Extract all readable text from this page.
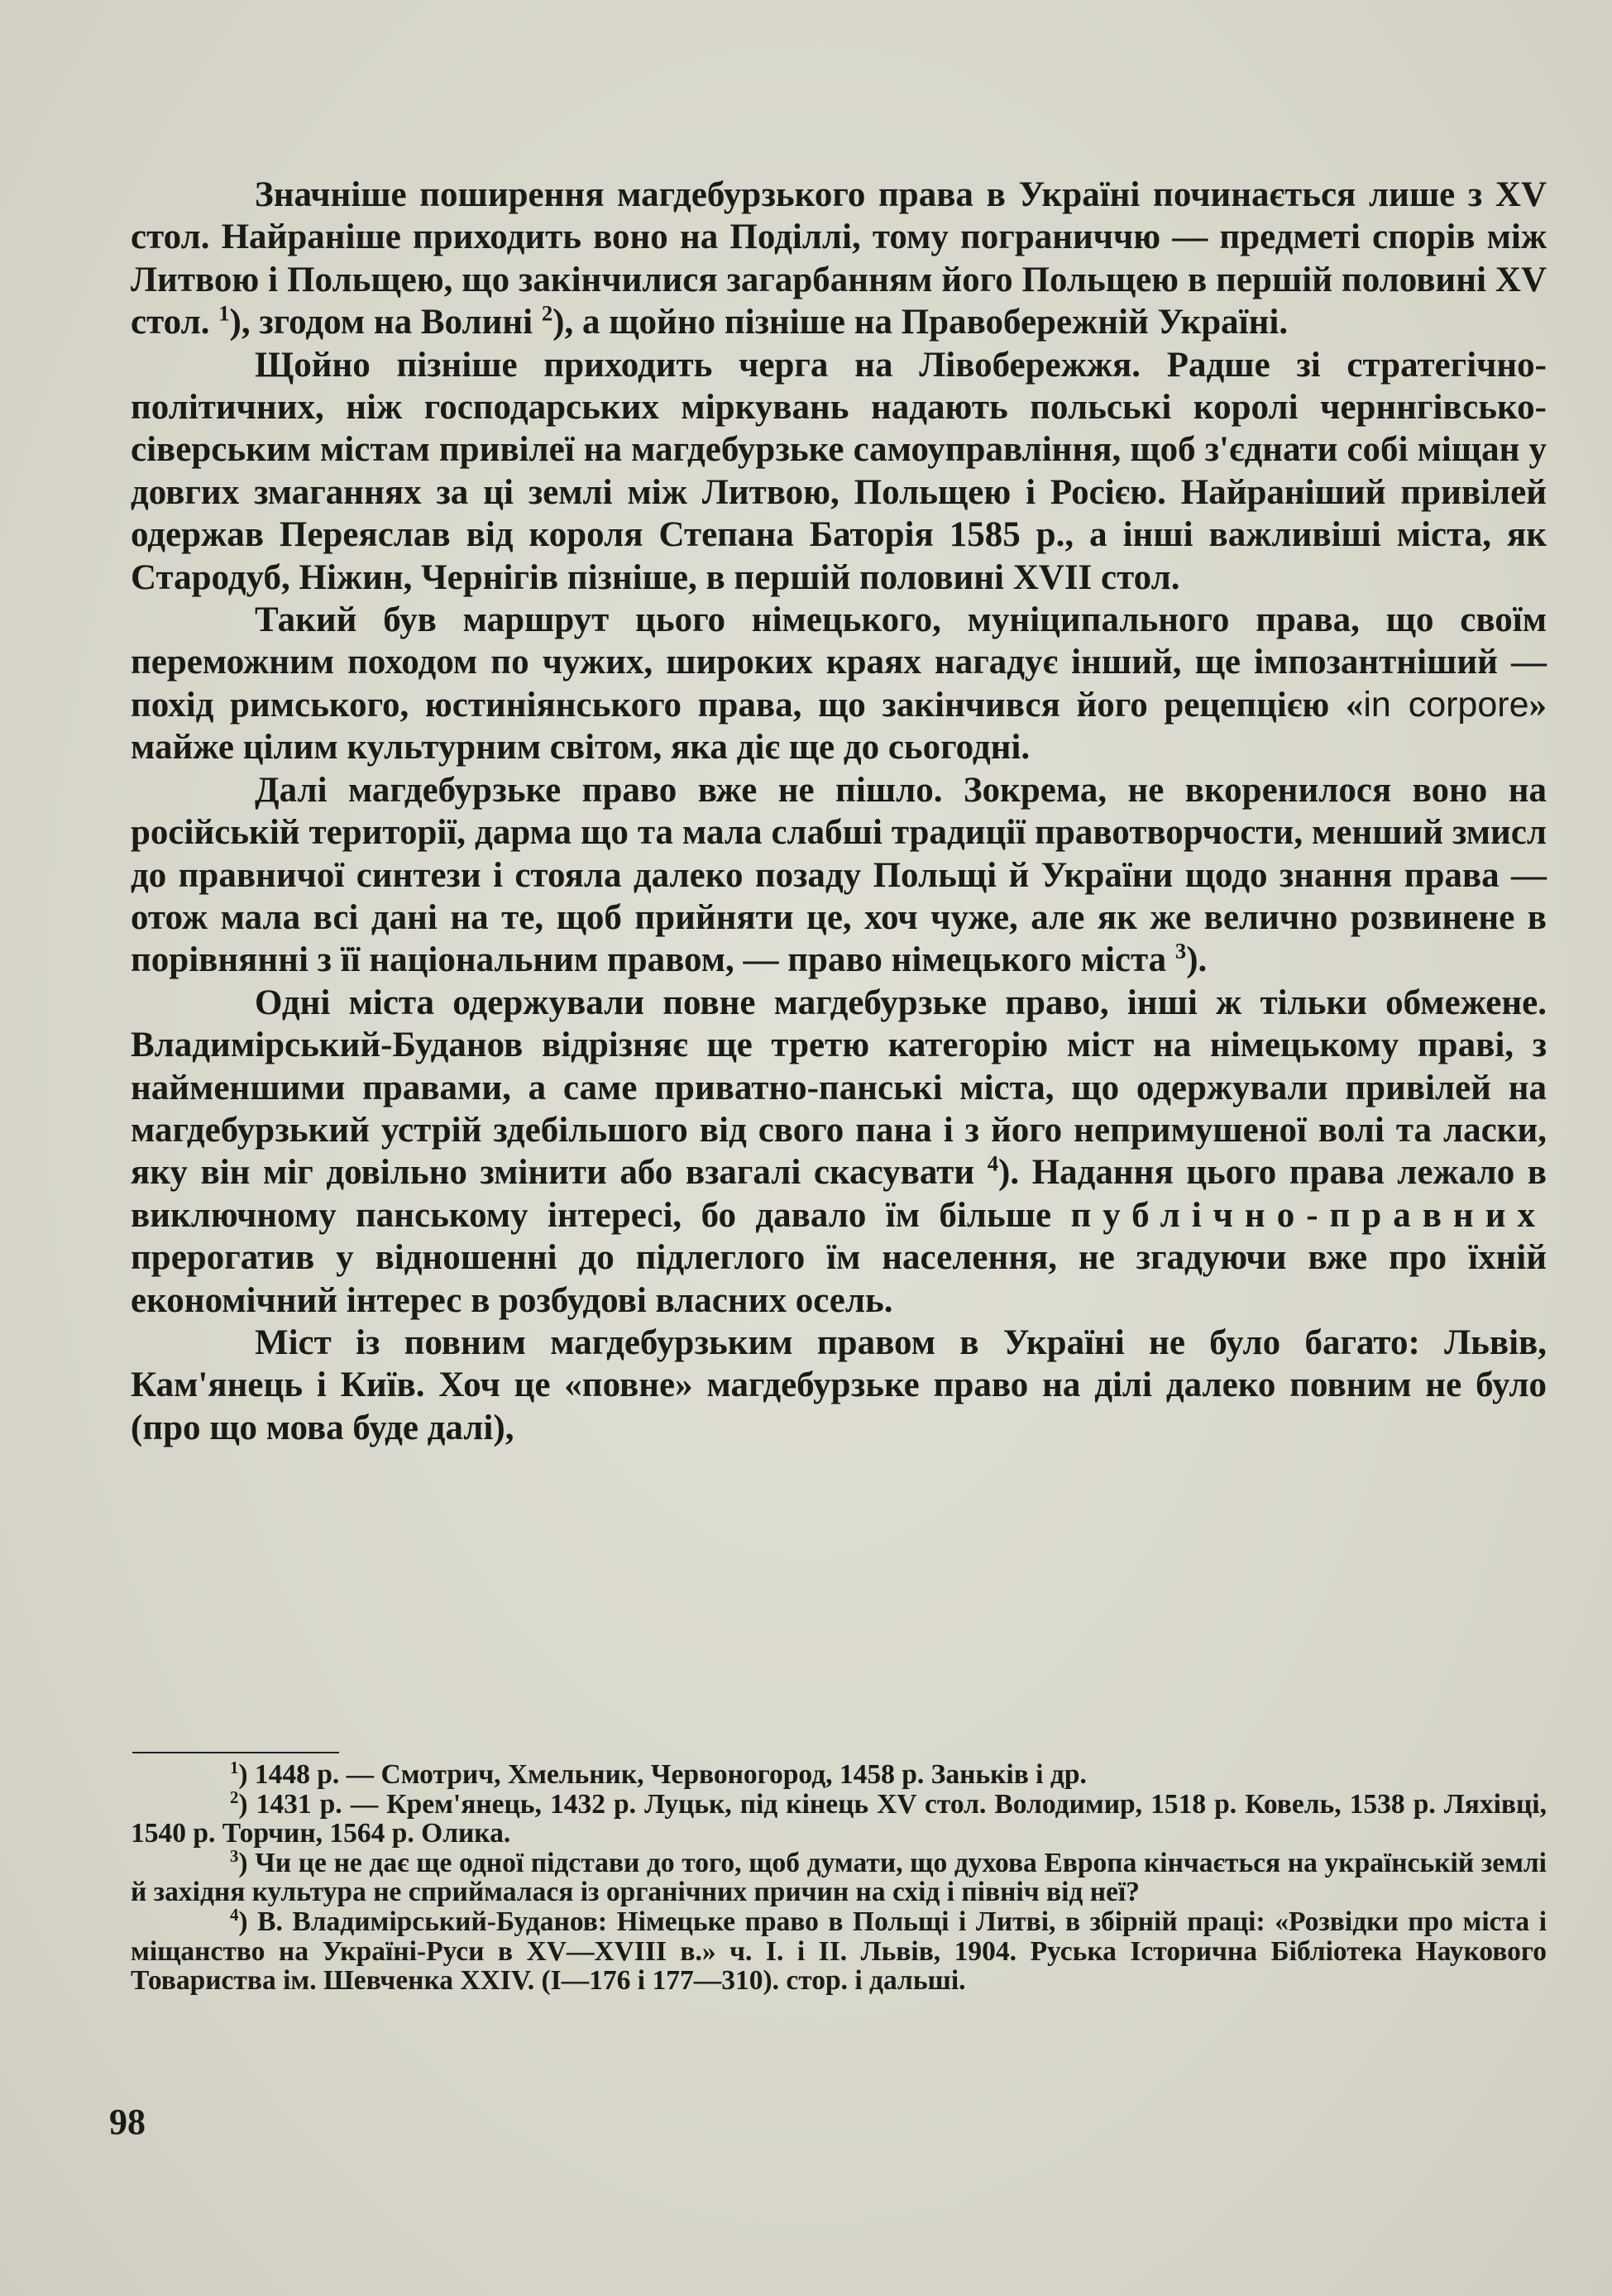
Значніше поширення магдебурзького права в Україні починається лише з XV стол. Найраніше приходить воно на Поділлі, тому пограниччю — предметі спорів між Литвою і Польщею, що закінчилися загарбанням його Польщею в першій половині XV стол. $^1$), згодом на Волині $^2$), а щойно пізніше на Правобережній Україні.

Щойно пізніше приходить черга на Лівобережжя. Радше зі стратегічно-політичних, ніж господарських міркувань надають польські королі черннгівсько-сіверським містам привілеї на магдебурзьке самоуправління, щоб з'єднати собі міщан у довгих змаганнях за ці землі між Литвою, Польщею і Росією. Найраніший привілей одержав Переяслав від короля Степана Баторія 1585 р., а інші важливіші міста, як Стародуб, Ніжин, Чернігів пізніше, в першій половині XVII стол.

Такий був маршрут цього німецького, муніципального права, що своїм переможним походом по чужих, широких краях нагадує інший, ще імпозантніший — похід римського, юстиніянського права, що закінчився його рецепцією «in corpore» майже цілим культурним світом, яка діє ще до сьогодні.

Далі магдебурзьке право вже не пішло. Зокрема, не вкоренилося воно на російській території, дарма що та мала слабші традиції правотворчости, менший змисл до правничої синтези і стояла далеко позаду Польщі й України щодо знання права — отож мала всі дані на те, щоб прийняти це, хоч чуже, але як же велично розвинене в порівнянні з її національним правом, — право німецького міста $^3$).

Одні міста одержували повне магдебурзьке право, інші ж тільки обмежене. Владимірський-Буданов відрізняє ще третю категорію міст на німецькому праві, з найменшими правами, а саме приватно-панські міста, що одержували привілей на магдебурзький устрій здебільшого від свого пана і з його непримушеної волі та ласки, яку він міг довільно змінити або взагалі скасувати $^4$). Надання цього права лежало в виключному панському інтересі, бо давало їм більше публічно-правних прерогатив у відношенні до підлеглого їм населення, не згадуючи вже про їхній економічний інтерес в розбудові власних осель.

Міст із повним магдебурзьким правом в Україні не було багато: Львів, Кам'янець і Київ. Хоч це «повне» магдебурзьке право на ділі далеко повним не було (про що мова буде далі),

$^1$) 1448 р. — Смотрич, Хмельник, Червоногород, 1458 р. Заньків і др.

$^2$) 1431 р. — Крем'янець, 1432 р. Луцьк, під кінець XV стол. Володимир, 1518 р. Ковель, 1538 р. Ляхівці, 1540 р. Торчин, 1564 р. Олика.

$^3$) Чи це не дає ще одної підстави до того, щоб думати, що духова Европа кінчається на українській землі й західня культура не сприймалася із органічних причин на схід і північ від неї?

$^4$) В. Владимірський-Буданов: Німецьке право в Польщі і Литві, в збірній праці: «Розвідки про міста і міщанство на Україні-Руси в XV—XVIII в.» ч. I. і II. Львів, 1904. Руська Історична Бібліотека Наукового Товариства ім. Шевченка XXIV. (I—176 і 177—310). стор. і дальші.

98
